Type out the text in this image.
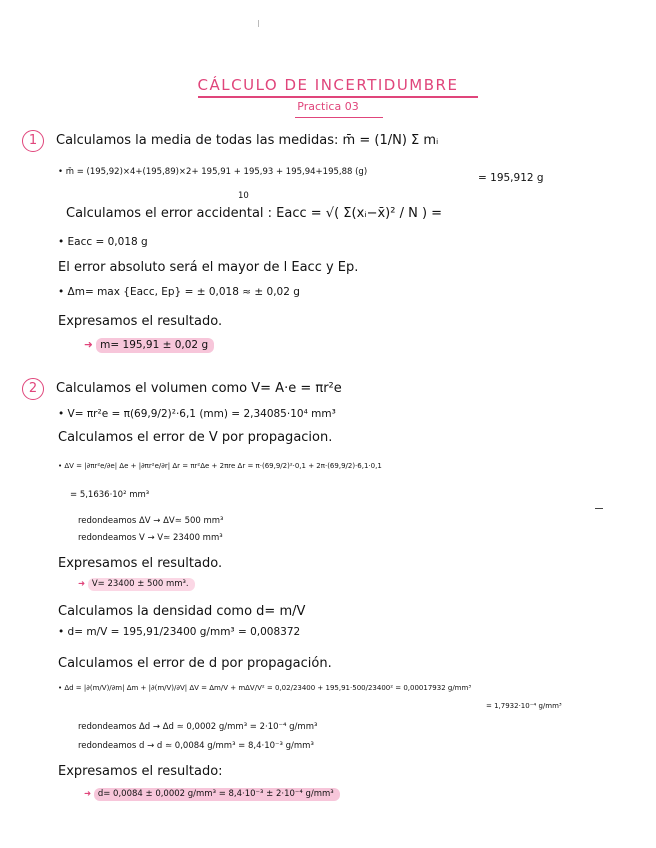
CÁLCULO DE INCERTIDUMBRE
Practica 03
1	Calculamos la media de todas las medidas: m̄ = (1/N) Σ mᵢ
• m̄ = (195,92)×4+(195,89)×2+ 195,91 + 195,93 + 195,94+195,88 (g)	= 195,912 g
10
Calculamos el error accidental : Eacc = √( Σ(xᵢ−x̄)² / N ) =
• Eacc = 0,018 g
El error absoluto será el mayor de l Eacc y Ep.
• Δm= max {Eacc, Ep} = ± 0,018 ≈ ± 0,02 g
Expresamos el resultado.
➜ m= 195,91 ± 0,02 g
2	Calculamos el volumen como V= A·e = πr²e
• V= πr²e = π(69,9/2)²·6,1 (mm) = 2,34085·10⁴ mm³
Calculamos el error de V por propagacion.
• ΔV = |∂πr²e/∂e| Δe + |∂πr²e/∂r| Δr = πr²Δe + 2πre Δr = π·(69,9/2)²·0,1 + 2π·(69,9/2)·6,1·0,1
= 5,1636·10² mm³
redondeamos ΔV → ΔV≃ 500 mm³
redondeamos V → V≃ 23400 mm³
Expresamos el resultado.
➜ V= 23400 ± 500 mm³.
Calculamos la densidad como d= m/V
• d= m/V = 195,91/23400 g/mm³ = 0,008372
Calculamos el error de d por propagación.
• Δd = |∂(m/V)/∂m| Δm + |∂(m/V)/∂V| ΔV = Δm/V + mΔV/V² = 0,02/23400 + 195,91·500/23400² = 0,00017932 g/mm³
= 1,7932·10⁻⁴ g/mm³
redondeamos Δd → Δd ≃ 0,0002 g/mm³ = 2·10⁻⁴ g/mm³
redondeamos d → d ≃ 0,0084 g/mm³ = 8,4·10⁻³ g/mm³
Expresamos el resultado:
➜ d= 0,0084 ± 0,0002 g/mm³ = 8,4·10⁻³ ± 2·10⁻⁴ g/mm³
